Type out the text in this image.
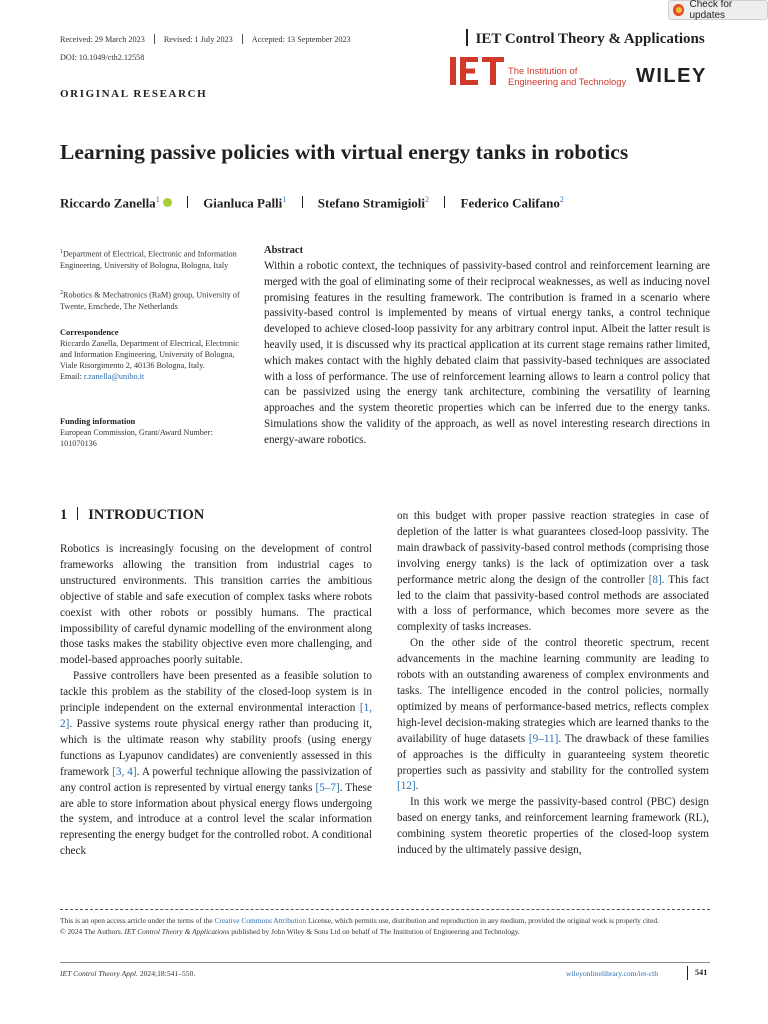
Check for updates
Received: 29 March 2023 Revised: 1 July 2023 Accepted: 13 September 2023
DOI: 10.1049/cth2.12558
IET Control Theory & Applications
The Institution of
Engineering and Technology WILEY
ORIGINAL RESEARCH
Learning passive policies with virtual energy tanks in robotics
Riccardo Zanella$^1$	Gianluca Palli$^1$ Stefano Stramigioli$^2$ Federico Califano$^2$
$^1$Department of Electrical, Electronic and Information Engineering, University of Bologna, Bologna, Italy
$^2$Robotics & Mechatronics (RaM) group, University of Twente, Enschede, The Netherlands
Correspondence
Riccardo Zanella, Department of Electrical, Electronic and Information Engineering, University of Bologna, Viale Risorgimento 2, 40136 Bologna, Italy.
Email: r.zanella@unibo.it
Funding information
European Commission, Grant/Award Number: 101070136
Abstract
Within a robotic context, the techniques of passivity-based control and reinforcement learning are merged with the goal of eliminating some of their reciprocal weaknesses, as well as inducing novel promising features in the resulting framework. The contribution is framed in a scenario where passivity-based control is implemented by means of virtual energy tanks, a control technique developed to achieve closed-loop passivity for any arbitrary control input. Albeit the latter result is heavily used, it is discussed why its practical application at its current stage remains rather limited, which makes contact with the highly debated claim that passivity-based techniques are associated with a loss of performance. The use of reinforcement learning allows to learn a control policy that can be passivized using the energy tank architecture, combining the versatility of learning approaches and the system theoretic properties which can be inferred due to the energy tanks. Simulations show the validity of the approach, as well as novel interesting research directions in energy-aware robotics.
1 INTRODUCTION

Robotics is increasingly focusing on the development of control frameworks allowing the transition from industrial cages to unstructured environments. This transition carries the ambitious objective of stable and safe execution of complex tasks where robots coexist with other robots or possibly humans. The practical impossibility of careful dynamic modelling of the environment along those tasks makes the stability objective even more challenging, and model-based approaches poorly suitable.

Passive controllers have been presented as a feasible solution to tackle this problem as the stability of the closed-loop system is in principle independent on the external environmental interaction [1, 2]. Passive systems route physical energy rather than producing it, which is the ultimate reason why stability proofs (using energy functions as Lyapunov candidates) are conveniently assessed in this framework [3, 4]. A powerful technique allowing the passivization of any control action is represented by virtual energy tanks [5–7]. These are able to store information about physical energy flows undergoing the system, and introduce at a control level the scalar information representing the energy budget for the controlled robot. A conditional check

on this budget with proper passive reaction strategies in case of depletion of the latter is what guarantees closed-loop passivity. The main drawback of passivity-based control methods (comprising those involving energy tanks) is the lack of optimization over a task performance metric along the design of the controller [8]. This fact led to the claim that passivity-based control methods are associated with a loss of performance, which becomes more severe as the complexity of tasks increases.

On the other side of the control theoretic spectrum, recent advancements in the machine learning community are leading to robots with an outstanding awareness of complex environments and tasks. The intelligence encoded in the control policies, normally optimized by means of performance-based metrics, reflects complex high-level decision-making strategies which are learned thanks to the availability of huge datasets [9–11]. The drawback of these families of approaches is the difficulty in guaranteeing system theoretic properties such as passivity and stability for the controlled system [12].

In this work we merge the passivity-based control (PBC) design based on energy tanks, and reinforcement learning framework (RL), combining system theoretic properties of the closed-loop system induced by the ultimately passive design,

This is an open access article under the terms of the Creative Commons Attribution License, which permits use, distribution and reproduction in any medium, provided the original work is properly cited.
© 2024 The Authors. IET Control Theory & Applications published by John Wiley & Sons Ltd on behalf of The Institution of Engineering and Technology.
IET Control Theory Appl. 2024;18:541–550.	wileyonlinelibrary.com/iet-cth	541
